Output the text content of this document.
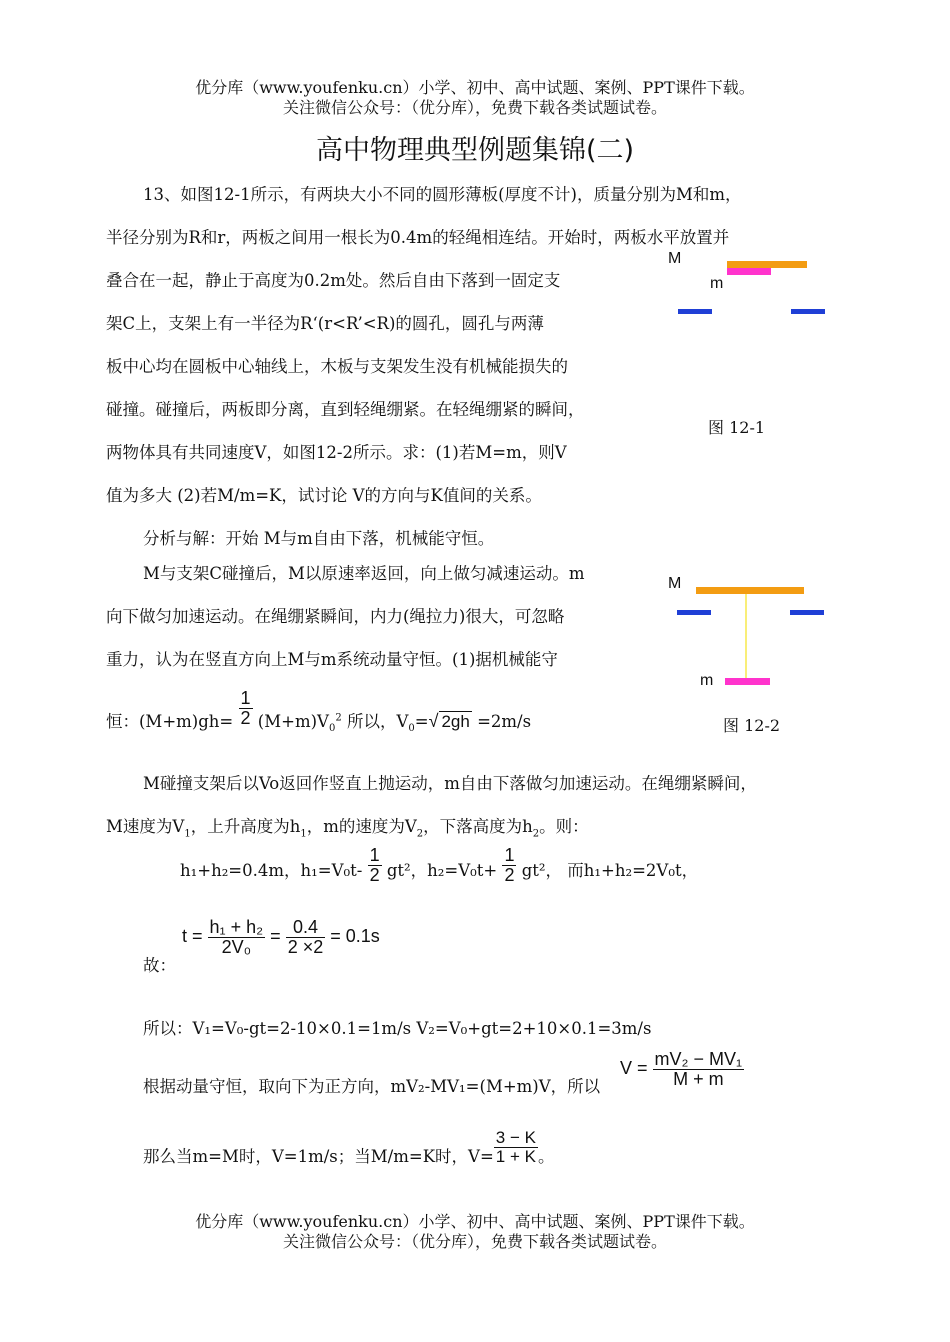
优分库（www.youfenku.cn）小学、初中、高中试题、案例、PPT课件下载。
关注微信公众号：（优分库），免费下载各类试题试卷。
高中物理典型例题集锦(二)
13、如图12-1所示，有两块大小不同的圆形薄板(厚度不计)，质量分别为M和m，
半径分别为R和r，两板之间用一根长为0.4m的轻绳相连结。开始时，两板水平放置并
叠合在一起，静止于高度为0.2m处。然后自由下落到一固定支
架C上，支架上有一半径为R‘(r<R’<R)的圆孔，圆孔与两薄
板中心均在圆板中心轴线上，木板与支架发生没有机械能损失的
碰撞。碰撞后，两板即分离，直到轻绳绷紧。在轻绳绷紧的瞬间，
两物体具有共同速度V，如图12-2所示。求：(1)若M=m，则V
值为多大 (2)若M/m=K，试讨论 V的方向与K值间的关系。
M
m
图 12-1
分析与解：开始 M与m自由下落，机械能守恒。
M与支架C碰撞后，M以原速率返回，向上做匀减速运动。m
向下做匀加速运动。在绳绷紧瞬间，内力(绳拉力)很大，可忽略
重力，认为在竖直方向上M与m系统动量守恒。(1)据机械能守
M
m
图 12-2
恒：$(M+m)gh= \frac{1}{2} (M+m)V_0^2$ 所以，$V_0=√$ 2gh =2m/s
M碰撞支架后以Vo返回作竖直上抛运动，m自由下落做匀加速运动。在绳绷紧瞬间，
M速度为$V_1$，上升高度为$h_1$，m的速度为$V_2$，下落高度为$h_2$。则：
h₁+h₂=0.4m，$h_1=V_0t- \frac{1}{2} gt^2$，$h_2=V_0t+ \frac{1}{2} gt^2$， 而h₁+h₂=2V₀t，
故：
$t = \frac{\text{h₁ + h₂}}{\text{2V₀}} = \frac{0.4}{2 \times 2} = 0.1s$
所以：V₁=V₀-gt=2-10×0.1=1m/s V₂=V₀+gt=2+10×0.1=3m/s
根据动量守恒，取向下为正方向，mV₂-MV₁=(M+m)V，所以
$V = \frac{\text{mV₂ − MV₁}}{M + m}$
那么当m=M时，V=1m/s；当M/m=K时，$V= \frac{3 - K}{1 + K}$ 。
优分库（www.youfenku.cn）小学、初中、高中试题、案例、PPT课件下载。
关注微信公众号：（优分库），免费下载各类试题试卷。
